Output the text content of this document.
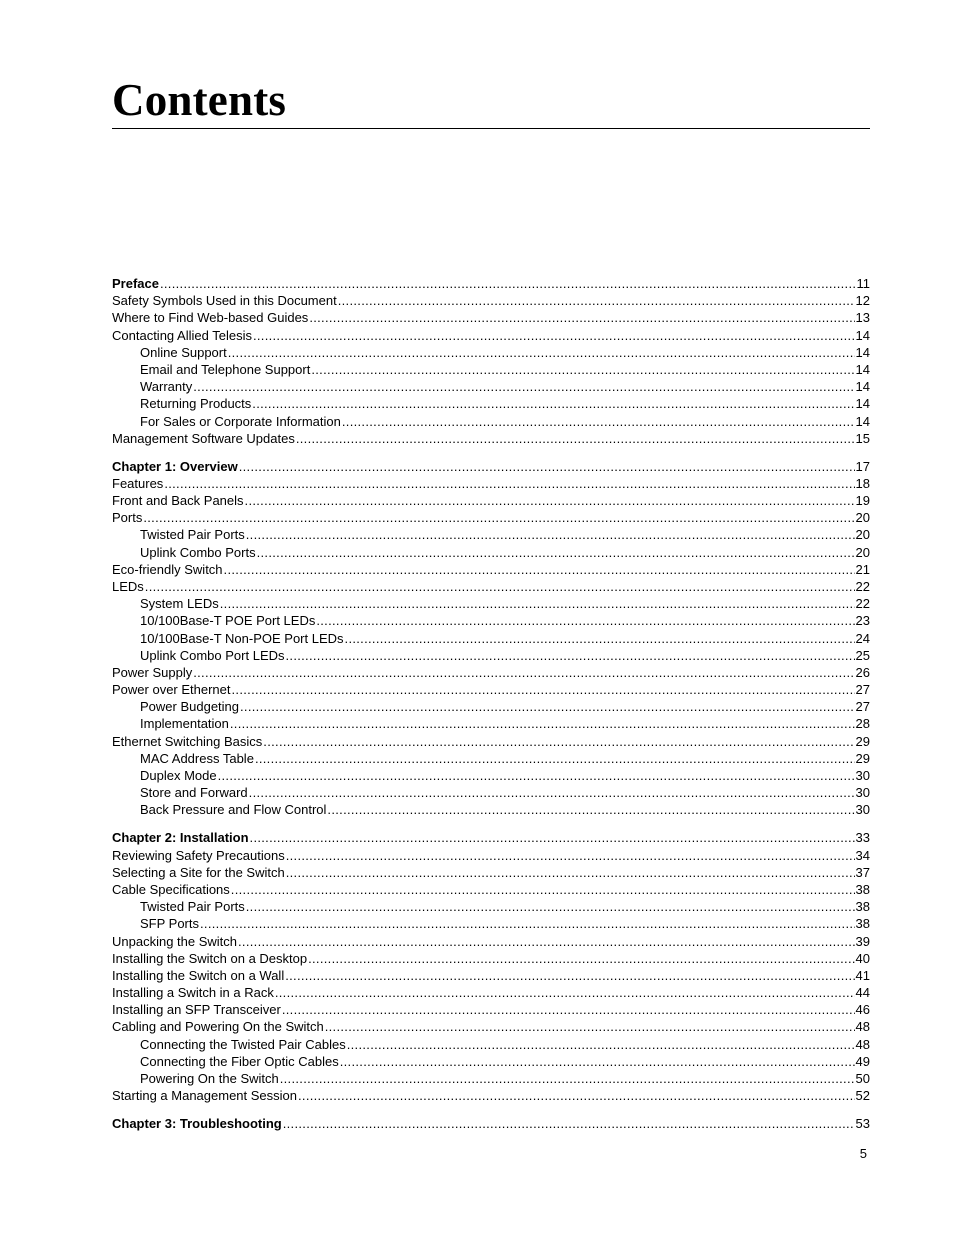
Contents
Preface .....	11
Safety Symbols Used in this Document .....	12
Where to Find Web-based Guides .....	13
Contacting Allied Telesis .....	14
Online Support .....	14
Email and Telephone Support .....	14
Warranty .....	14
Returning Products .....	14
For Sales or Corporate Information .....	14
Management Software Updates .....	15
Chapter 1: Overview .....	17
Features .....	18
Front and Back Panels .....	19
Ports .....	20
Twisted Pair Ports .....	20
Uplink Combo Ports .....	20
Eco-friendly Switch .....	21
LEDs .....	22
System LEDs .....	22
10/100Base-T POE Port LEDs .....	23
10/100Base-T Non-POE Port LEDs .....	24
Uplink Combo Port LEDs .....	25
Power Supply .....	26
Power over Ethernet .....	27
Power Budgeting .....	27
Implementation .....	28
Ethernet Switching Basics .....	29
MAC Address Table .....	29
Duplex Mode .....	30
Store and Forward .....	30
Back Pressure and Flow Control .....	30
Chapter 2: Installation .....	33
Reviewing Safety Precautions .....	34
Selecting a Site for the Switch .....	37
Cable Specifications .....	38
Twisted Pair Ports .....	38
SFP Ports .....	38
Unpacking the Switch .....	39
Installing the Switch on a Desktop .....	40
Installing the Switch on a Wall .....	41
Installing a Switch in a Rack .....	44
Installing an SFP Transceiver .....	46
Cabling and Powering On the Switch .....	48
Connecting the Twisted Pair Cables .....	48
Connecting the Fiber Optic Cables .....	49
Powering On the Switch .....	50
Starting a Management Session .....	52
Chapter 3: Troubleshooting .....	53
5
